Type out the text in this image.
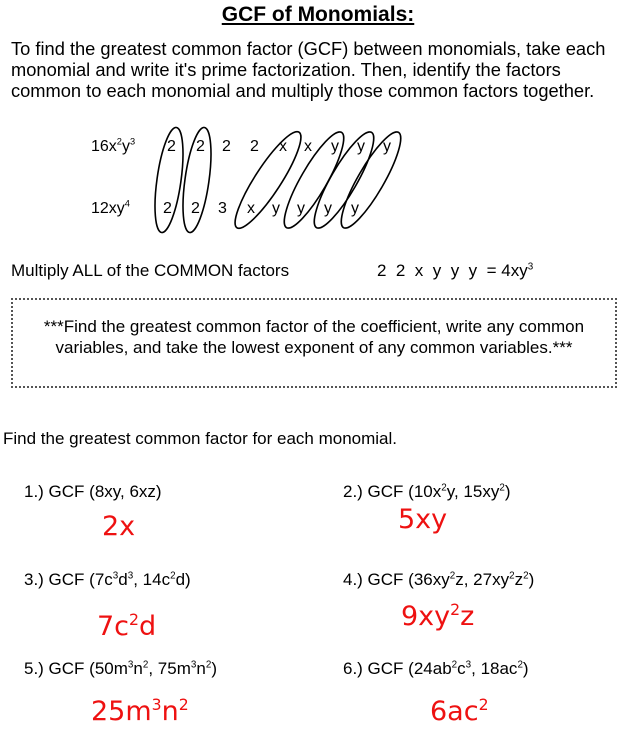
GCF of Monomials:
To find the greatest common factor (GCF) between monomials, take each monomial and write it's prime factorization. Then, identify the factors common to each monomial and multiply those common factors together.
$16x^2y^3$ 2 2 2 2 x x y y y
$12xy^4$ 2 2 3 x y y y y
Multiply ALL of the COMMON factors	2  2  x  y  y  $y = 4xy^3$
***Find the greatest common factor of the coefficient, write any common variables, and take the lowest exponent of any common variables.***
Find the greatest common factor for each monomial.
1.) GCF (8xy, 6xz)
2x
2.) GCF ($10x^2y$, $15xy^2$)
5xy
3.) GCF ($7c^3d^3$, $14c^2d$)
$7c^2d$
4.) GCF ($36xy^2z$, $27xy^2z^2$)
$9xy^2z$
5.) GCF ($50m^3n^2$, $75m^3n^2$)
$25m^3n^2$
6.) GCF ($24ab^2c^3$, $18ac^2$)
$6ac^2$
